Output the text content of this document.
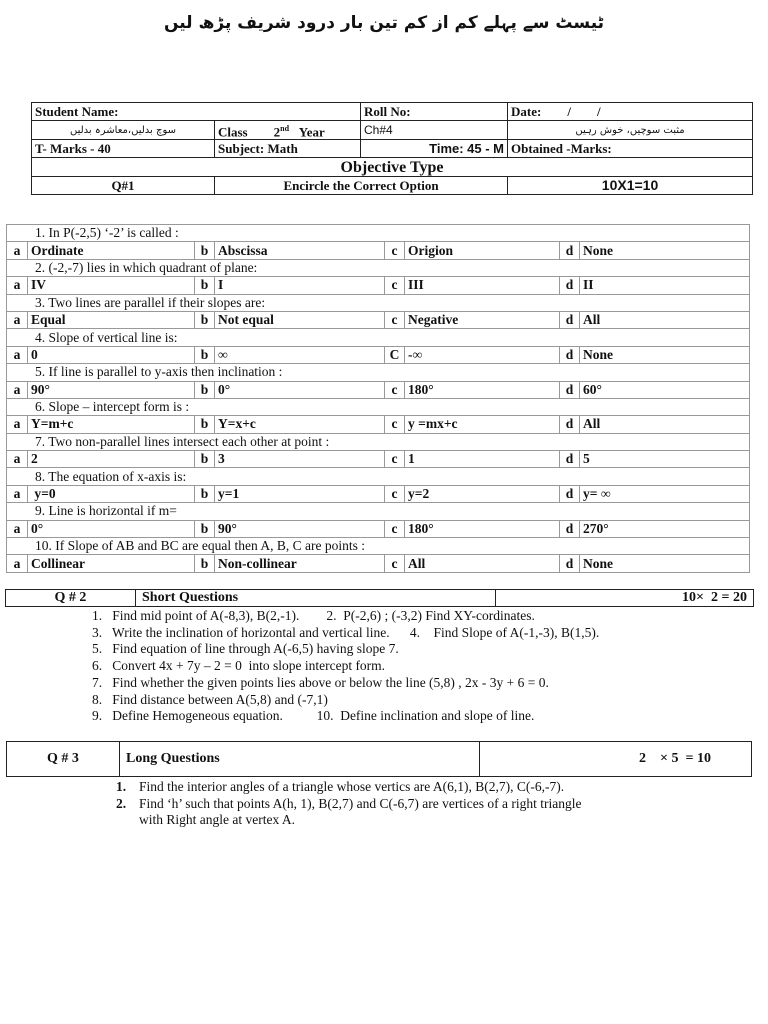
ٹیسٹ سے پہلے کم از کم تین بار درود شریف پڑھ لیں
Student Name:		Roll No:	Date:        /        /
سوچ بدلیں،معاشرہ بدلیں	Class 2nd Year	Ch#4	مثبت سوچیں، خوش رہیں
T- Marks - 40	Subject: Math	Time: 45 - M	Obtained -Marks:
Objective Type			
Q#1	Encircle the Correct Option		10X1=10
1. In P(-2,5) ‘-2’ is called :							
a	Ordinate	b	Abscissa	c	Origion	d	None
2. (-2,-7) lies in which quadrant of plane:							
a	IV	b	I	c	III	d	II
3. Two lines are parallel if their slopes are:							
a	Equal	b	Not equal	c	Negative	d	All
4. Slope of vertical line is:							
a	0	b	∞	C	-∞	d	None
5. If line is parallel to y-axis then inclination :							
a	90°	b	0°	c	180°	d	60°
6. Slope – intercept form is :							
a	Y=m+c	b	Y=x+c	c	y =mx+c	d	All
7. Two non-parallel lines intersect each other at point :							
a	2	b	3	c	1	d	5
8. The equation of x-axis is:							
a	y=0	b	y=1	c	y=2	d	y= ∞
9. Line is horizontal if m=							
a	0°	b	90°	c	180°	d	270°
10. If Slope of AB and BC are equal then A, B, C are points :							
a	Collinear	b	Non-collinear	c	All	d	None
Q # 2	Short Questions	10×  2 = 20
1.   Find mid point of A(-8,3), B(2,-1).        2.  P(-2,6) ; (-3,2) Find XY-cordinates.
3.   Write the inclination of horizontal and vertical line.      4.    Find Slope of A(-1,-3), B(1,5).
5.   Find equation of line through A(-6,5) having slope 7.
6.   Convert 4x + 7y – 2 = 0  into slope intercept form.
7.   Find whether the given points lies above or below the line (5,8) , 2x - 3y + 6 = 0.
8.   Find distance between A(5,8) and (-7,1)
9.   Define Hemogeneous equation.          10.  Define inclination and slope of line.
Q # 3	Long Questions	2    × 5  = 10
1. Find the interior angles of a triangle whose vertics are A(6,1), B(2,7), C(-6,-7).
2. Find ‘h’ such that points A(h, 1), B(2,7) and C(-6,7) are vertices of a right triangle
with Right angle at vertex A.
